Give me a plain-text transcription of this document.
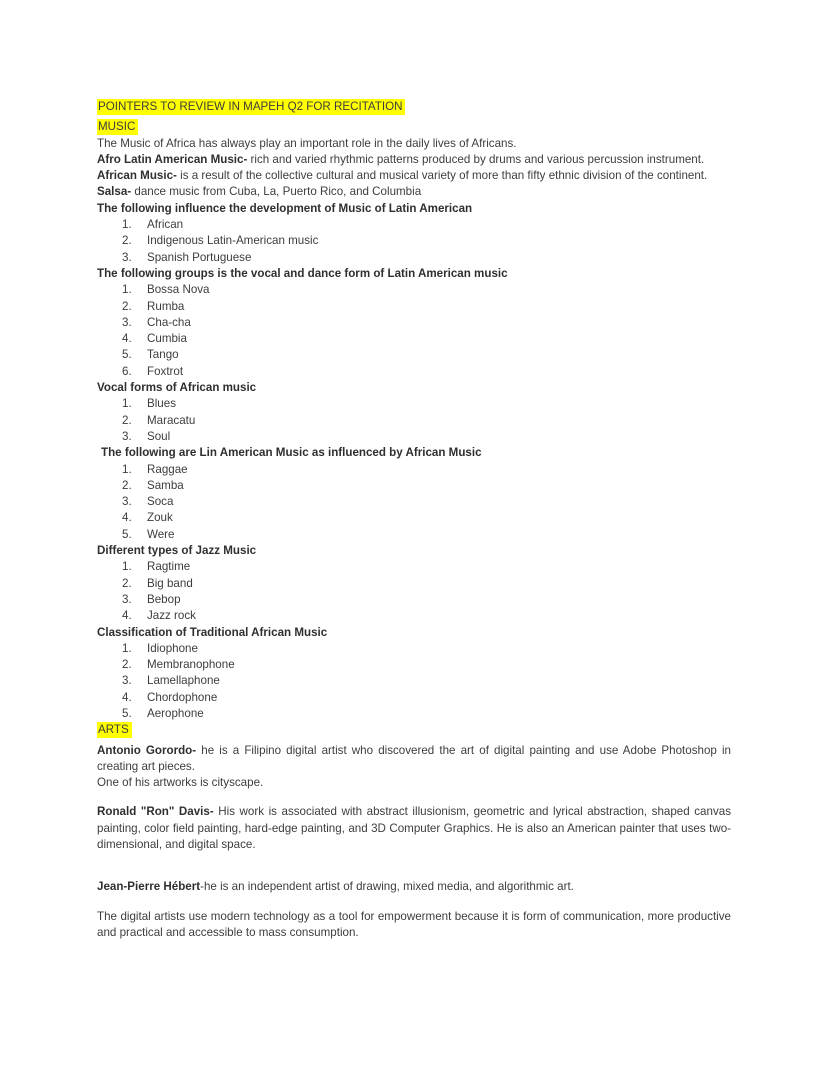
POINTERS TO REVIEW IN MAPEH Q2 FOR RECITATION
MUSIC

The Music of Africa has always play an important role in the daily lives of Africans.

Afro Latin American Music- rich and varied rhythmic patterns produced by drums and various percussion instrument.

African Music- is a result of the collective cultural and musical variety of more than fifty ethnic division of the continent.

Salsa- dance music from Cuba, La, Puerto Rico, and Columbia

The following influence the development of Music of Latin American
1. African
2. Indigenous Latin-American music
3. Spanish Portuguese
The following groups is the vocal and dance form of Latin American music
1. Bossa Nova
2. Rumba
3. Cha-cha
4. Cumbia
5. Tango
6. Foxtrot
Vocal forms of African music
1. Blues
2. Maracatu
3. Soul
The following are Lin American Music as influenced by African Music
1. Raggae
2. Samba
3. Soca
4. Zouk
5. Were
Different types of Jazz Music
1. Ragtime
2. Big band
3. Bebop
4. Jazz rock
Classification of Traditional African Music
1. Idiophone
2. Membranophone
3. Lamellaphone
4. Chordophone
5. Aerophone
ARTS

Antonio Gorordo- he is a Filipino digital artist who discovered the art of digital painting and use Adobe Photoshop in creating art pieces.

One of his artworks is cityscape.

Ronald "Ron" Davis- His work is associated with abstract illusionism, geometric and lyrical abstraction, shaped canvas painting, color field painting, hard-edge painting, and 3D Computer Graphics. He is also an American painter that uses two-dimensional, and digital space.

Jean-Pierre Hébert-he is an independent artist of drawing, mixed media, and algorithmic art.

The digital artists use modern technology as a tool for empowerment because it is form of communication, more productive and practical and accessible to mass consumption.
